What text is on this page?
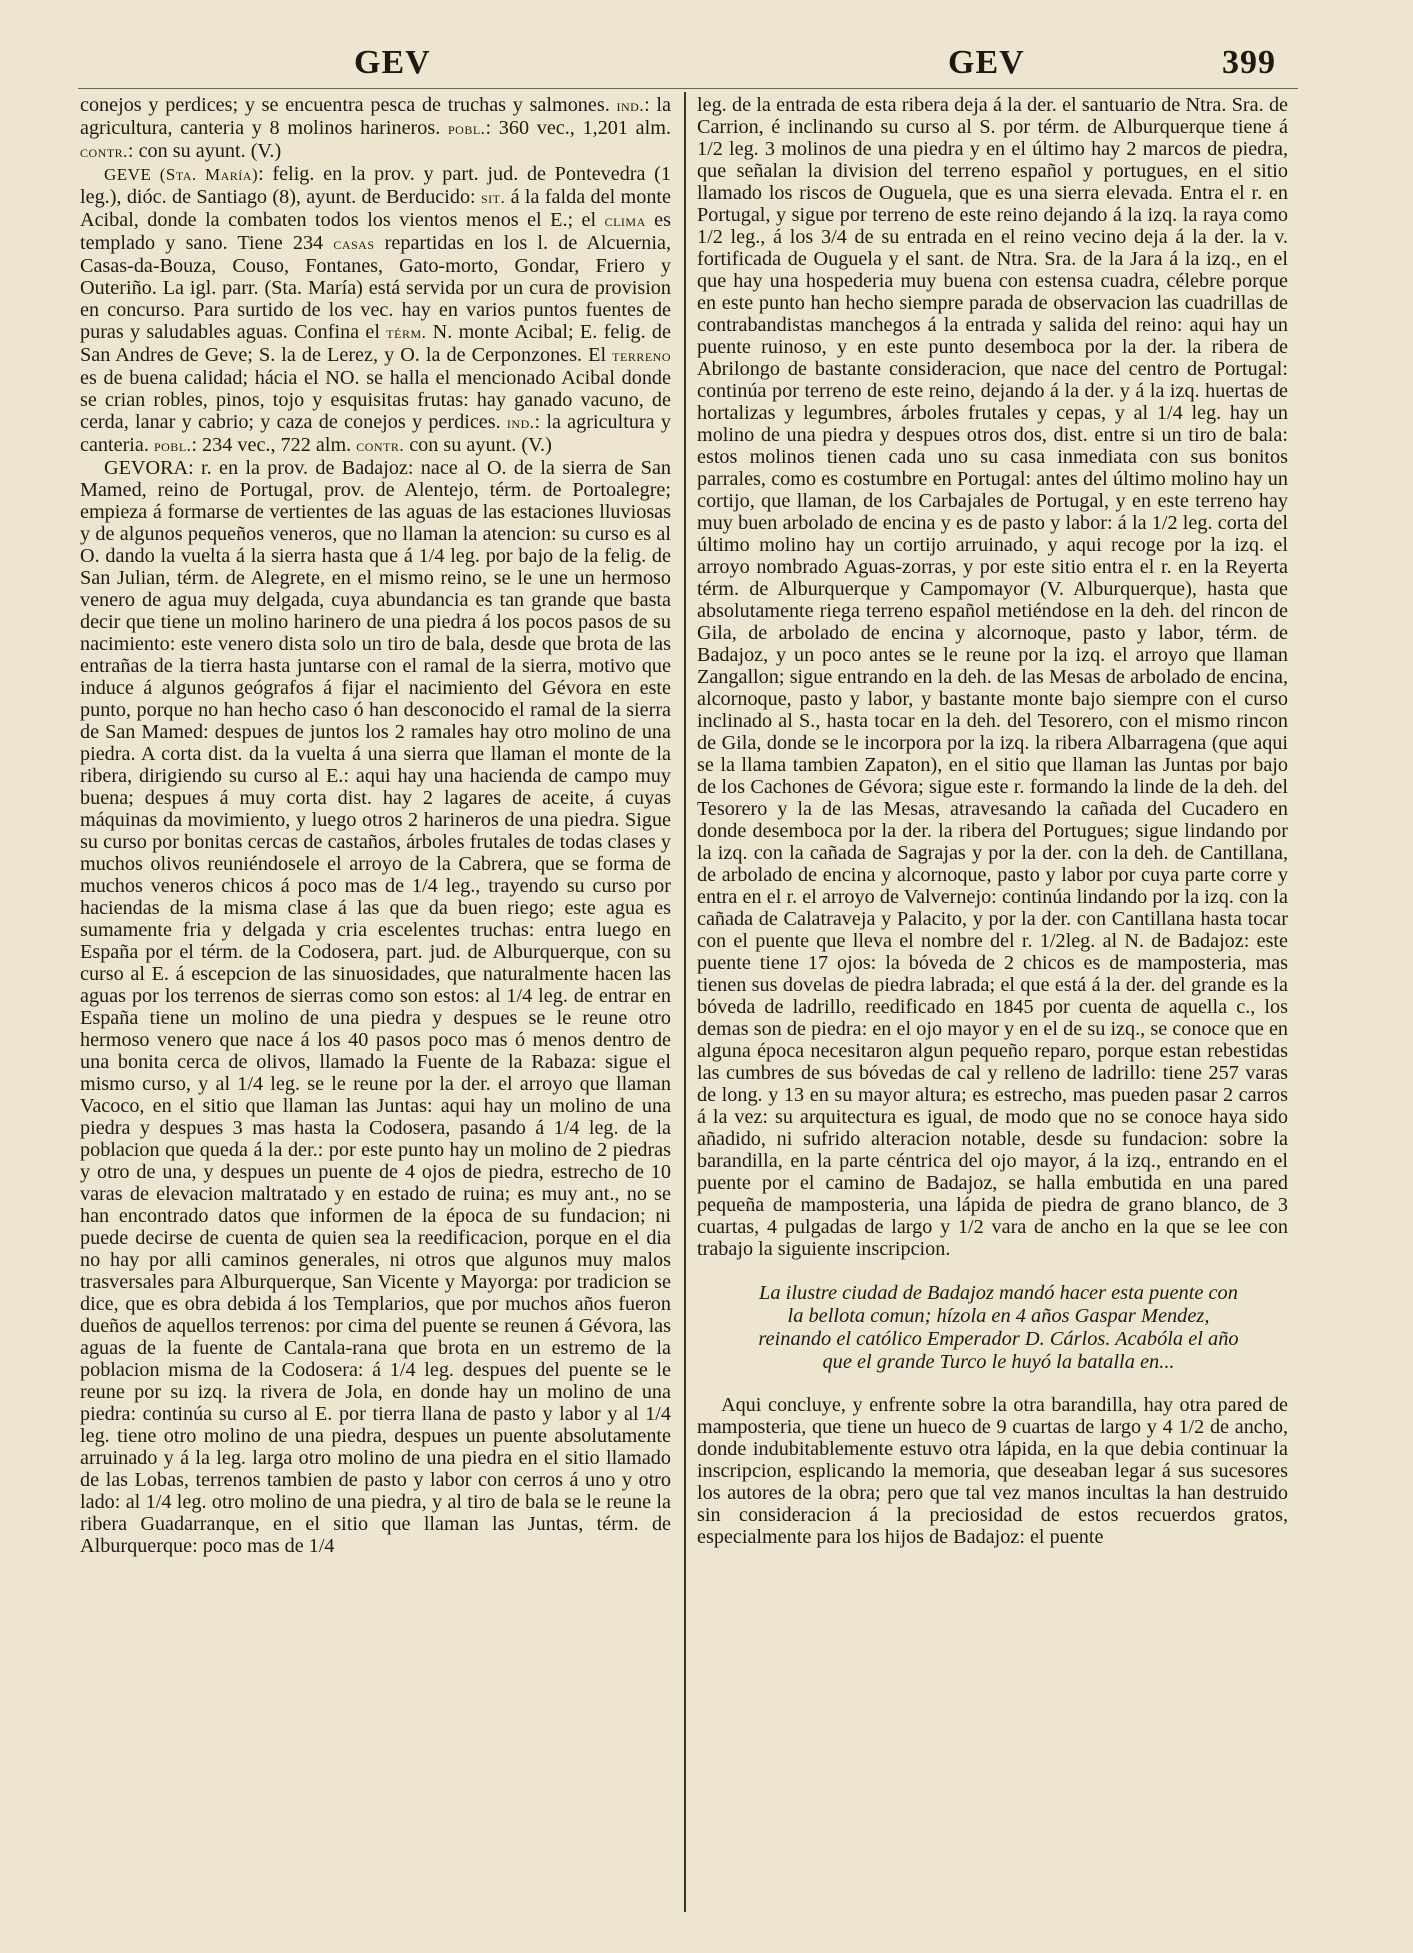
GEV	GEV	399

conejos y perdices; y se encuentra pesca de truchas y salmones. ind.: la agricultura, canteria y 8 molinos harineros. pobl.: 360 vec., 1,201 alm. contr.: con su ayunt. (V.)

GEVE (Sta. María): felig. en la prov. y part. jud. de Pontevedra (1 leg.), dióc. de Santiago (8), ayunt. de Berducido: sit. á la falda del monte Acibal, donde la combaten todos los vientos menos el E.; el clima es templado y sano. Tiene 234 casas repartidas en los l. de Alcuernia, Casas-da-Bouza, Couso, Fontanes, Gato-morto, Gondar, Friero y Outeriño. La igl. parr. (Sta. María) está servida por un cura de provision en concurso. Para surtido de los vec. hay en varios puntos fuentes de puras y saludables aguas. Confina el térm. N. monte Acibal; E. felig. de San Andres de Geve; S. la de Lerez, y O. la de Cerponzones. El terreno es de buena calidad; hácia el NO. se halla el mencionado Acibal donde se crian robles, pinos, tojo y esquisitas frutas: hay ganado vacuno, de cerda, lanar y cabrio; y caza de conejos y perdices. ind.: la agricultura y canteria. pobl.: 234 vec., 722 alm. contr. con su ayunt. (V.)

GEVORA: r. en la prov. de Badajoz: nace al O. de la sierra de San Mamed, reino de Portugal, prov. de Alentejo, térm. de Portoalegre; empieza á formarse de vertientes de las aguas de las estaciones lluviosas y de algunos pequeños veneros, que no llaman la atencion: su curso es al O. dando la vuelta á la sierra hasta que á 1/4 leg. por bajo de la felig. de San Julian, térm. de Alegrete, en el mismo reino, se le une un hermoso venero de agua muy delgada, cuya abundancia es tan grande que basta decir que tiene un molino harinero de una piedra á los pocos pasos de su nacimiento: este venero dista solo un tiro de bala, desde que brota de las entrañas de la tierra hasta juntarse con el ramal de la sierra, motivo que induce á algunos geógrafos á fijar el nacimiento del Gévora en este punto, porque no han hecho caso ó han desconocido el ramal de la sierra de San Mamed: despues de juntos los 2 ramales hay otro molino de una piedra. A corta dist. da la vuelta á una sierra que llaman el monte de la ribera, dirigiendo su curso al E.: aqui hay una hacienda de campo muy buena; despues á muy corta dist. hay 2 lagares de aceite, á cuyas máquinas da movimiento, y luego otros 2 harineros de una piedra. Sigue su curso por bonitas cercas de castaños, árboles frutales de todas clases y muchos olivos reuniéndosele el arroyo de la Cabrera, que se forma de muchos veneros chicos á poco mas de 1/4 leg., trayendo su curso por haciendas de la misma clase á las que da buen riego; este agua es sumamente fria y delgada y cria escelentes truchas: entra luego en España por el térm. de la Codosera, part. jud. de Alburquerque, con su curso al E. á escepcion de las sinuosidades, que naturalmente hacen las aguas por los terrenos de sierras como son estos: al 1/4 leg. de entrar en España tiene un molino de una piedra y despues se le reune otro hermoso venero que nace á los 40 pasos poco mas ó menos dentro de una bonita cerca de olivos, llamado la Fuente de la Rabaza: sigue el mismo curso, y al 1/4 leg. se le reune por la der. el arroyo que llaman Vacoco, en el sitio que llaman las Juntas: aqui hay un molino de una piedra y despues 3 mas hasta la Codosera, pasando á 1/4 leg. de la poblacion que queda á la der.: por este punto hay un molino de 2 piedras y otro de una, y despues un puente de 4 ojos de piedra, estrecho de 10 varas de elevacion maltratado y en estado de ruina; es muy ant., no se han encontrado datos que informen de la época de su fundacion; ni puede decirse de cuenta de quien sea la reedificacion, porque en el dia no hay por alli caminos generales, ni otros que algunos muy malos trasversales para Alburquerque, San Vicente y Mayorga: por tradicion se dice, que es obra debida á los Templarios, que por muchos años fueron dueños de aquellos terrenos: por cima del puente se reunen á Gévora, las aguas de la fuente de Cantala-rana que brota en un estremo de la poblacion misma de la Codosera: á 1/4 leg. despues del puente se le reune por su izq. la rivera de Jola, en donde hay un molino de una piedra: continúa su curso al E. por tierra llana de pasto y labor y al 1/4 leg. tiene otro molino de una piedra, despues un puente absolutamente arruinado y á la leg. larga otro molino de una piedra en el sitio llamado de las Lobas, terrenos tambien de pasto y labor con cerros á uno y otro lado: al 1/4 leg. otro molino de una piedra, y al tiro de bala se le reune la ribera Guadarranque, en el sitio que llaman las Juntas, térm. de Alburquerque: poco mas de 1/4

leg. de la entrada de esta ribera deja á la der. el santuario de Ntra. Sra. de Carrion, é inclinando su curso al S. por térm. de Alburquerque tiene á 1/2 leg. 3 molinos de una piedra y en el último hay 2 marcos de piedra, que señalan la division del terreno español y portugues, en el sitio llamado los riscos de Ouguela, que es una sierra elevada. Entra el r. en Portugal, y sigue por terreno de este reino dejando á la izq. la raya como 1/2 leg., á los 3/4 de su entrada en el reino vecino deja á la der. la v. fortificada de Ouguela y el sant. de Ntra. Sra. de la Jara á la izq., en el que hay una hospederia muy buena con estensa cuadra, célebre porque en este punto han hecho siempre parada de observacion las cuadrillas de contrabandistas manchegos á la entrada y salida del reino: aqui hay un puente ruinoso, y en este punto desemboca por la der. la ribera de Abrilongo de bastante consideracion, que nace del centro de Portugal: continúa por terreno de este reino, dejando á la der. y á la izq. huertas de hortalizas y legumbres, árboles frutales y cepas, y al 1/4 leg. hay un molino de una piedra y despues otros dos, dist. entre si un tiro de bala: estos molinos tienen cada uno su casa inmediata con sus bonitos parrales, como es costumbre en Portugal: antes del último molino hay un cortijo, que llaman, de los Carbajales de Portugal, y en este terreno hay muy buen arbolado de encina y es de pasto y labor: á la 1/2 leg. corta del último molino hay un cortijo arruinado, y aqui recoge por la izq. el arroyo nombrado Aguas-zorras, y por este sitio entra el r. en la Reyerta térm. de Alburquerque y Campomayor (V. Alburquerque), hasta que absolutamente riega terreno español metiéndose en la deh. del rincon de Gila, de arbolado de encina y alcornoque, pasto y labor, térm. de Badajoz, y un poco antes se le reune por la izq. el arroyo que llaman Zangallon; sigue entrando en la deh. de las Mesas de arbolado de encina, alcornoque, pasto y labor, y bastante monte bajo siempre con el curso inclinado al S., hasta tocar en la deh. del Tesorero, con el mismo rincon de Gila, donde se le incorpora por la izq. la ribera Albarragena (que aqui se la llama tambien Zapaton), en el sitio que llaman las Juntas por bajo de los Cachones de Gévora; sigue este r. formando la linde de la deh. del Tesorero y la de las Mesas, atravesando la cañada del Cucadero en donde desemboca por la der. la ribera del Portugues; sigue lindando por la izq. con la cañada de Sagrajas y por la der. con la deh. de Cantillana, de arbolado de encina y alcornoque, pasto y labor por cuya parte corre y entra en el r. el arroyo de Valvernejo: continúa lindando por la izq. con la cañada de Calatraveja y Palacito, y por la der. con Cantillana hasta tocar con el puente que lleva el nombre del r. 1/2leg. al N. de Badajoz: este puente tiene 17 ojos: la bóveda de 2 chicos es de mamposteria, mas tienen sus dovelas de piedra labrada; el que está á la der. del grande es la bóveda de ladrillo, reedificado en 1845 por cuenta de aquella c., los demas son de piedra: en el ojo mayor y en el de su izq., se conoce que en alguna época necesitaron algun pequeño reparo, porque estan rebestidas las cumbres de sus bóvedas de cal y relleno de ladrillo: tiene 257 varas de long. y 13 en su mayor altura; es estrecho, mas pueden pasar 2 carros á la vez: su arquitectura es igual, de modo que no se conoce haya sido añadido, ni sufrido alteracion notable, desde su fundacion: sobre la barandilla, en la parte céntrica del ojo mayor, á la izq., entrando en el puente por el camino de Badajoz, se halla embutida en una pared pequeña de mamposteria, una lápida de piedra de grano blanco, de 3 cuartas, 4 pulgadas de largo y 1/2 vara de ancho en la que se lee con trabajo la siguiente inscripcion.

La ilustre ciudad de Badajoz mandó hacer esta puente con la bellota comun; hízola en 4 años Gaspar Mendez, reinando el católico Emperador D. Cárlos. Acabóla el año que el grande Turco le huyó la batalla en...

Aqui concluye, y enfrente sobre la otra barandilla, hay otra pared de mamposteria, que tiene un hueco de 9 cuartas de largo y 4 1/2 de ancho, donde indubitablemente estuvo otra lápida, en la que debia continuar la inscripcion, esplicando la memoria, que deseaban legar á sus sucesores los autores de la obra; pero que tal vez manos incultas la han destruido sin consideracion á la preciosidad de estos recuerdos gratos, especialmente para los hijos de Badajoz: el puente
